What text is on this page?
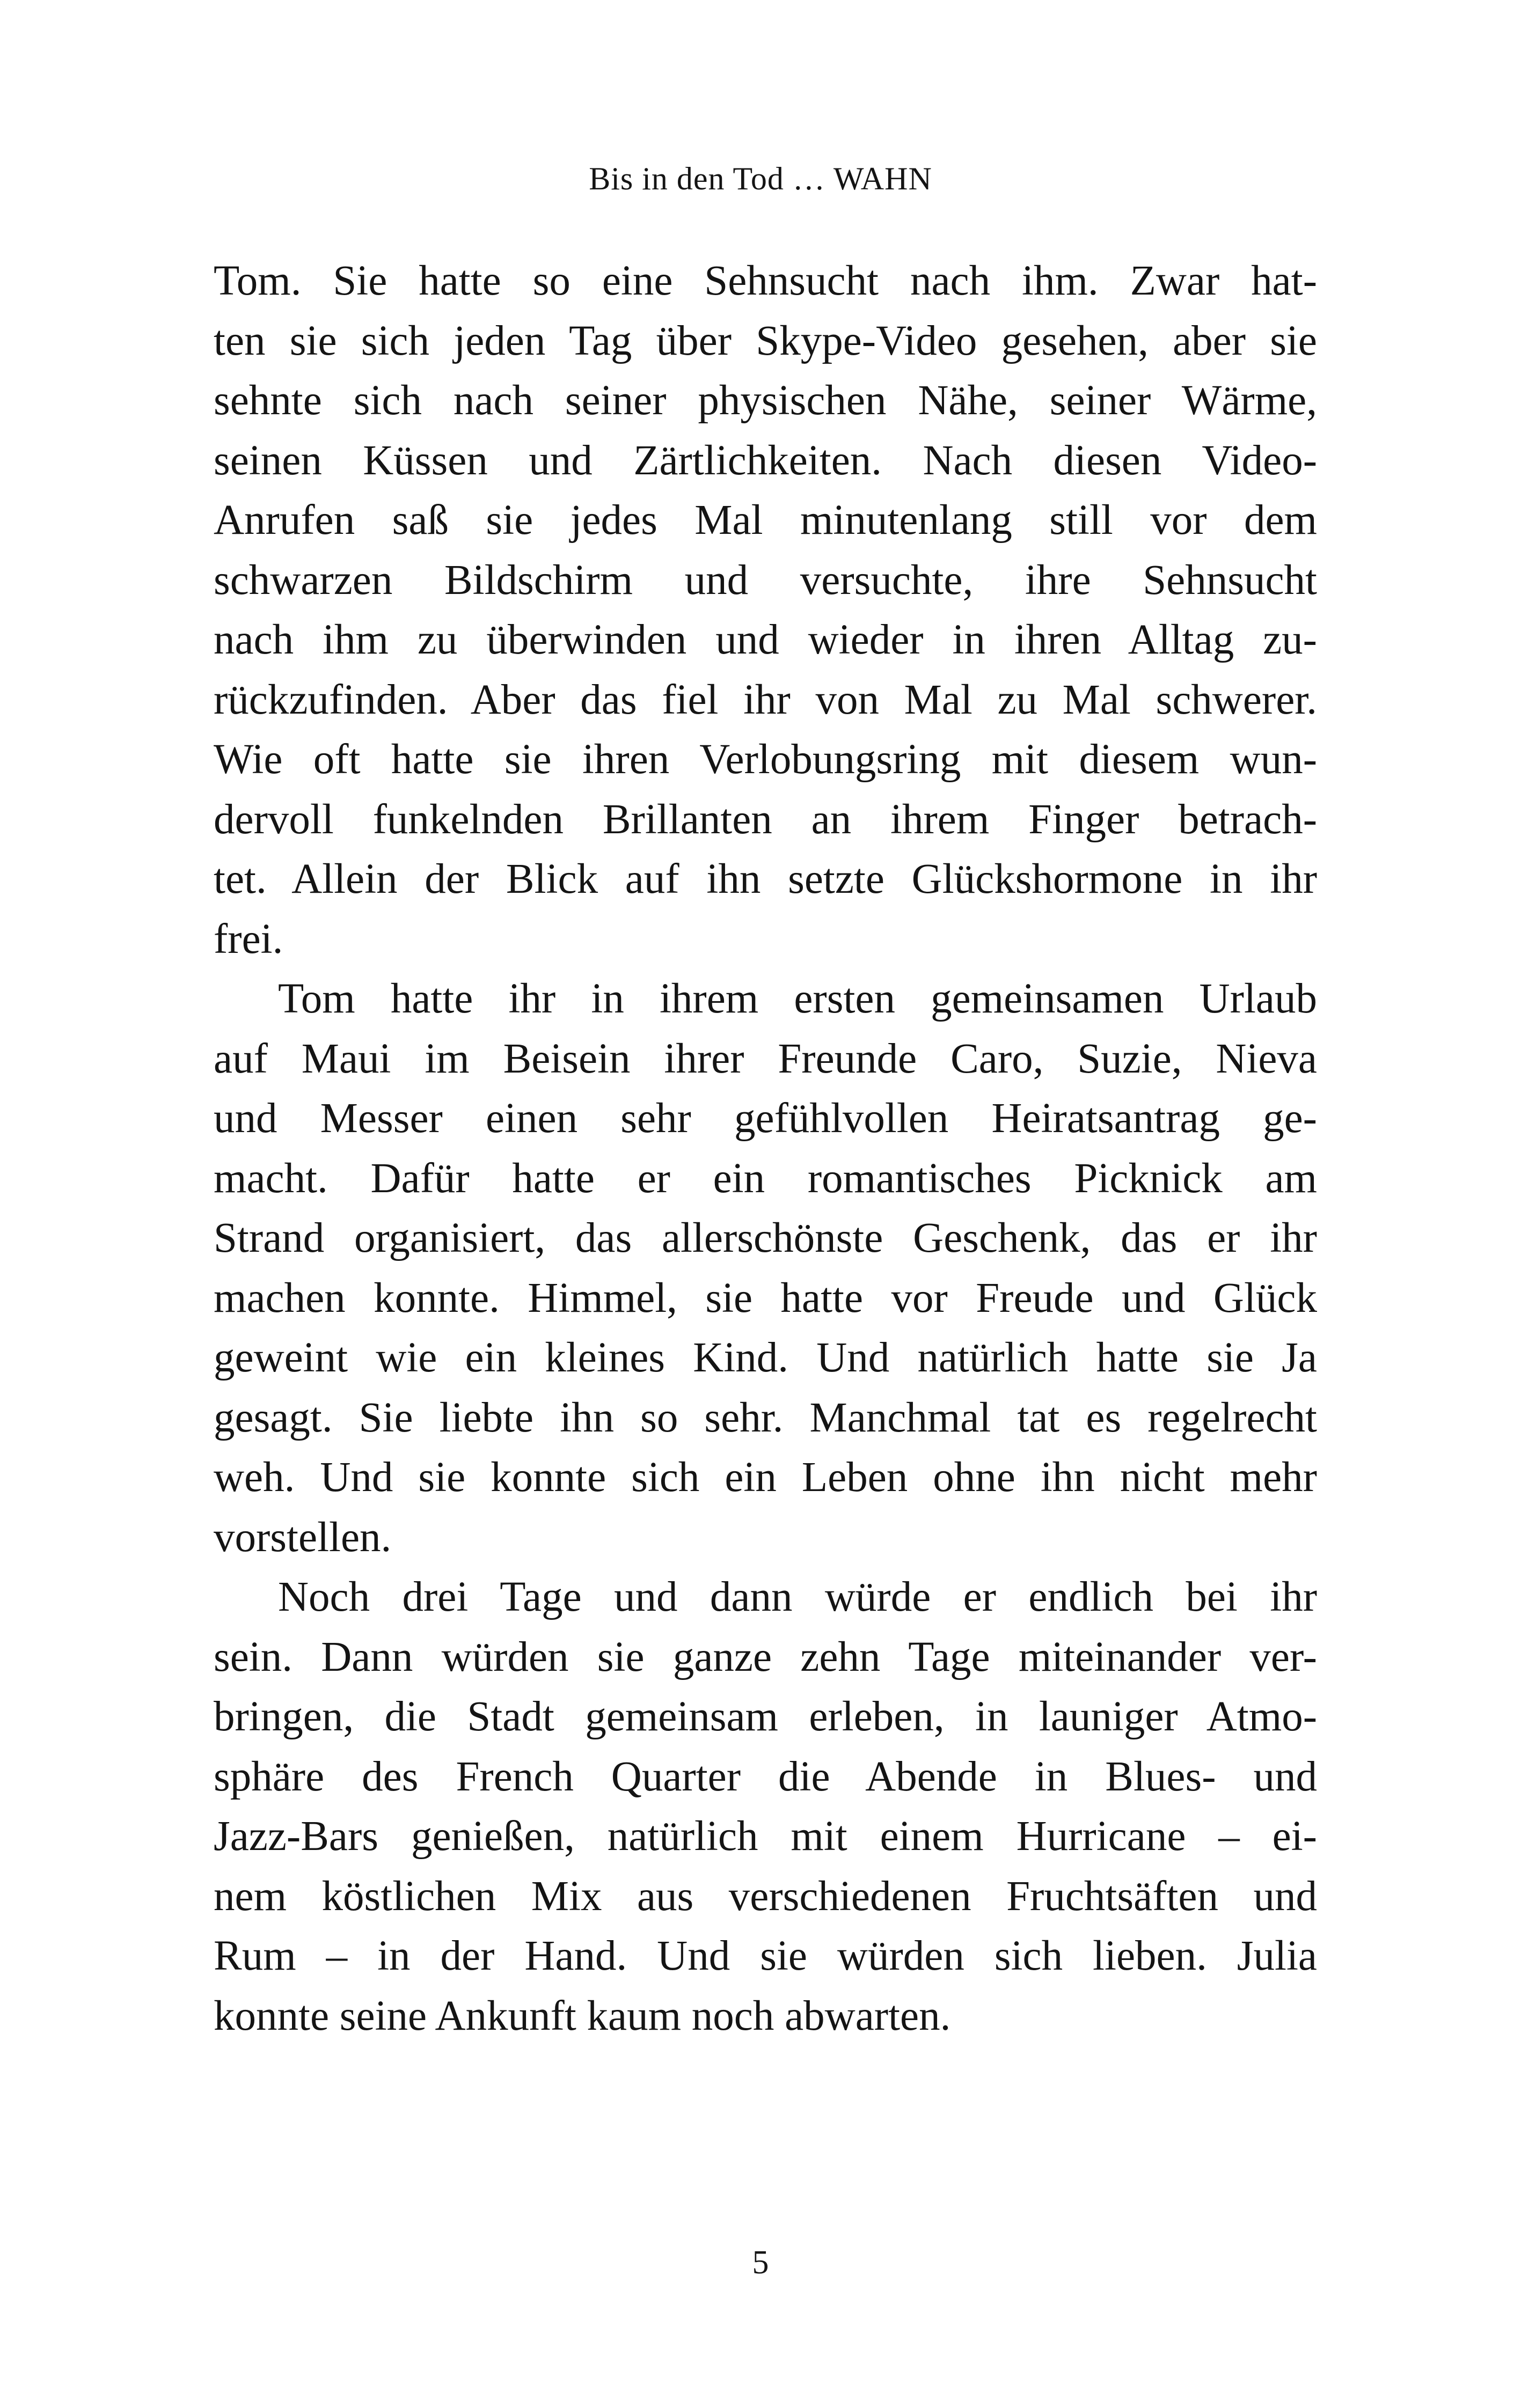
Bis in den Tod … WAHN
Tom. Sie hatte so eine Sehnsucht nach ihm. Zwar hat-
ten sie sich jeden Tag über Skype-Video gesehen, aber sie
sehnte sich nach seiner physischen Nähe, seiner Wärme,
seinen Küssen und Zärtlichkeiten. Nach diesen Video-
Anrufen saß sie jedes Mal minutenlang still vor dem
schwarzen Bildschirm und versuchte, ihre Sehnsucht
nach ihm zu überwinden und wieder in ihren Alltag zu-
rückzufinden. Aber das fiel ihr von Mal zu Mal schwerer.
Wie oft hatte sie ihren Verlobungsring mit diesem wun-
dervoll funkelnden Brillanten an ihrem Finger betrach-
tet. Allein der Blick auf ihn setzte Glückshormone in ihr
frei.
Tom hatte ihr in ihrem ersten gemeinsamen Urlaub
auf Maui im Beisein ihrer Freunde Caro, Suzie, Nieva
und Messer einen sehr gefühlvollen Heiratsantrag ge-
macht. Dafür hatte er ein romantisches Picknick am
Strand organisiert, das allerschönste Geschenk, das er ihr
machen konnte. Himmel, sie hatte vor Freude und Glück
geweint wie ein kleines Kind. Und natürlich hatte sie Ja
gesagt. Sie liebte ihn so sehr. Manchmal tat es regelrecht
weh. Und sie konnte sich ein Leben ohne ihn nicht mehr
vorstellen.
Noch drei Tage und dann würde er endlich bei ihr
sein. Dann würden sie ganze zehn Tage miteinander ver-
bringen, die Stadt gemeinsam erleben, in launiger Atmo-
sphäre des French Quarter die Abende in Blues- und
Jazz-Bars genießen, natürlich mit einem Hurricane – ei-
nem köstlichen Mix aus verschiedenen Fruchtsäften und
Rum – in der Hand. Und sie würden sich lieben. Julia
konnte seine Ankunft kaum noch abwarten.
5
